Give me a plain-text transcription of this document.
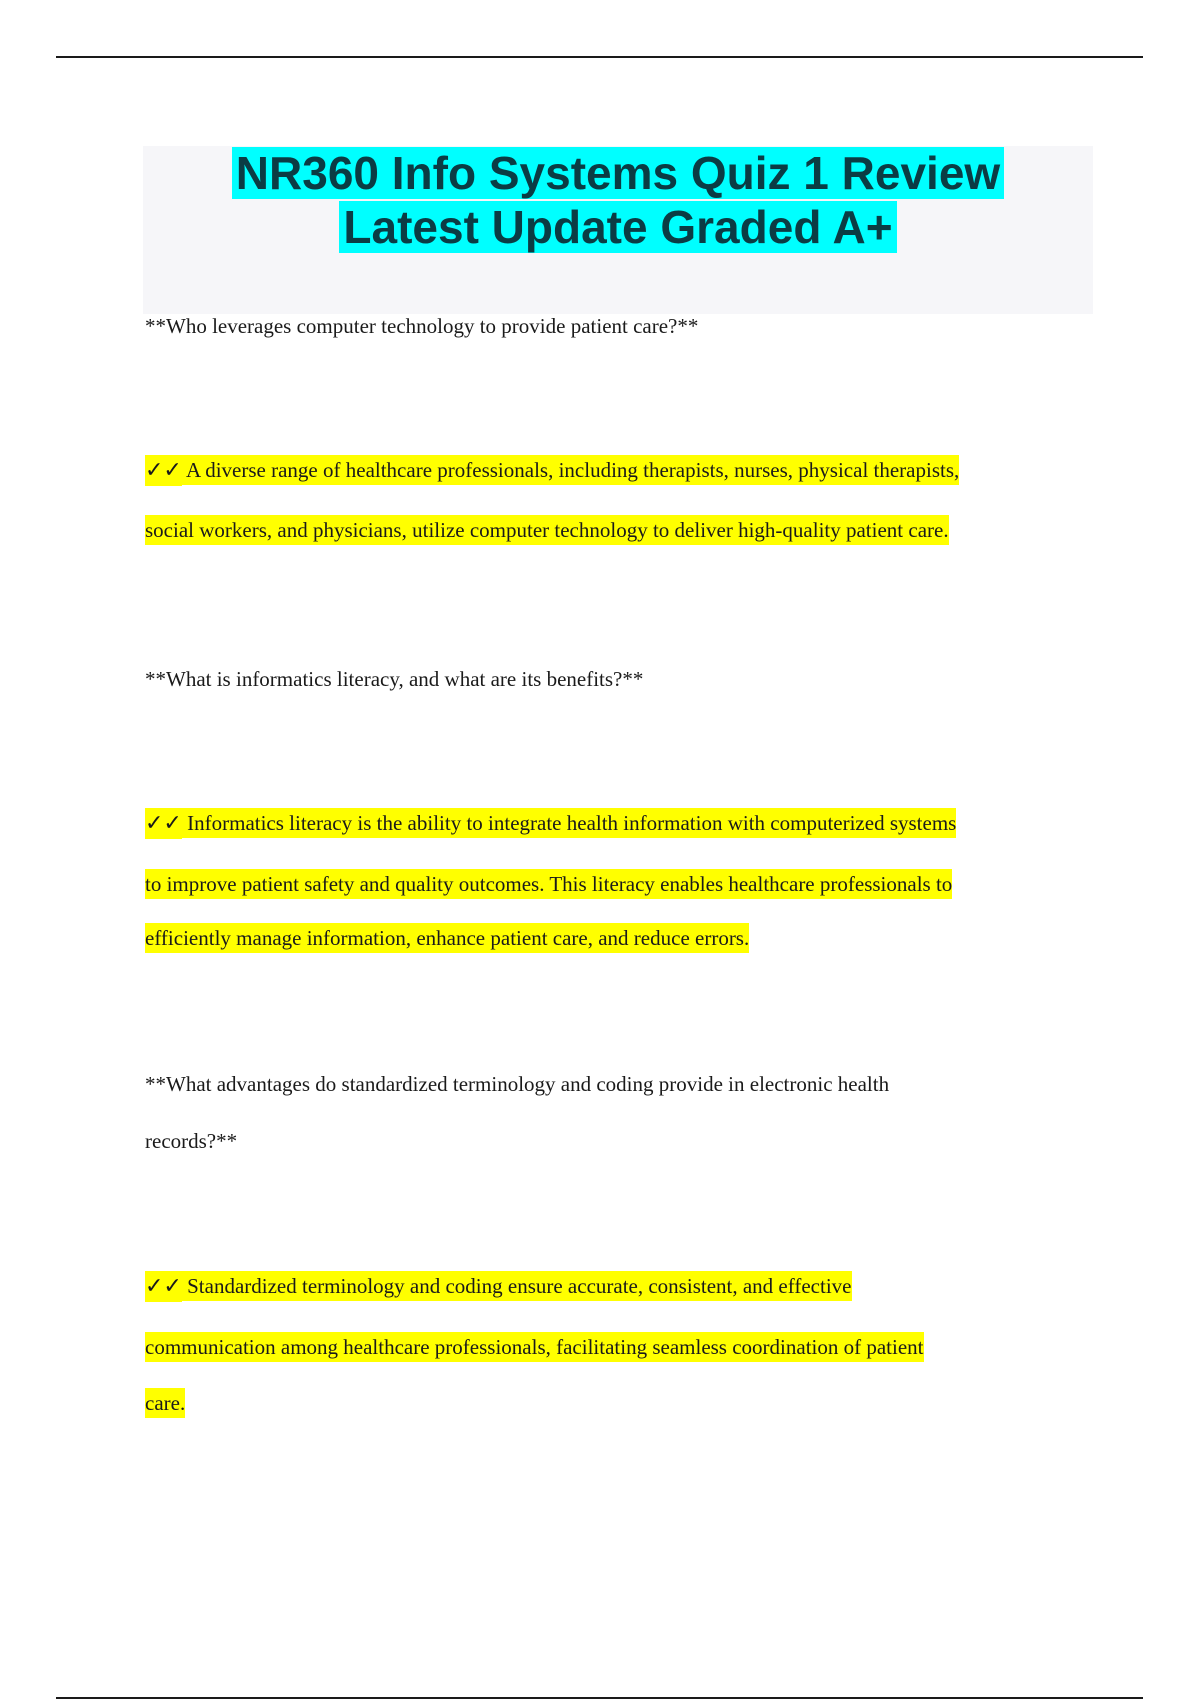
NR360 Info Systems Quiz 1 Review
Latest Update Graded A+
**Who leverages computer technology to provide patient care?**
✓✓ A diverse range of healthcare professionals, including therapists, nurses, physical therapists,
social workers, and physicians, utilize computer technology to deliver high-quality patient care.
**What is informatics literacy, and what are its benefits?**
✓✓ Informatics literacy is the ability to integrate health information with computerized systems
to improve patient safety and quality outcomes. This literacy enables healthcare professionals to
efficiently manage information, enhance patient care, and reduce errors.
**What advantages do standardized terminology and coding provide in electronic health
records?**
✓✓ Standardized terminology and coding ensure accurate, consistent, and effective
communication among healthcare professionals, facilitating seamless coordination of patient
care.
